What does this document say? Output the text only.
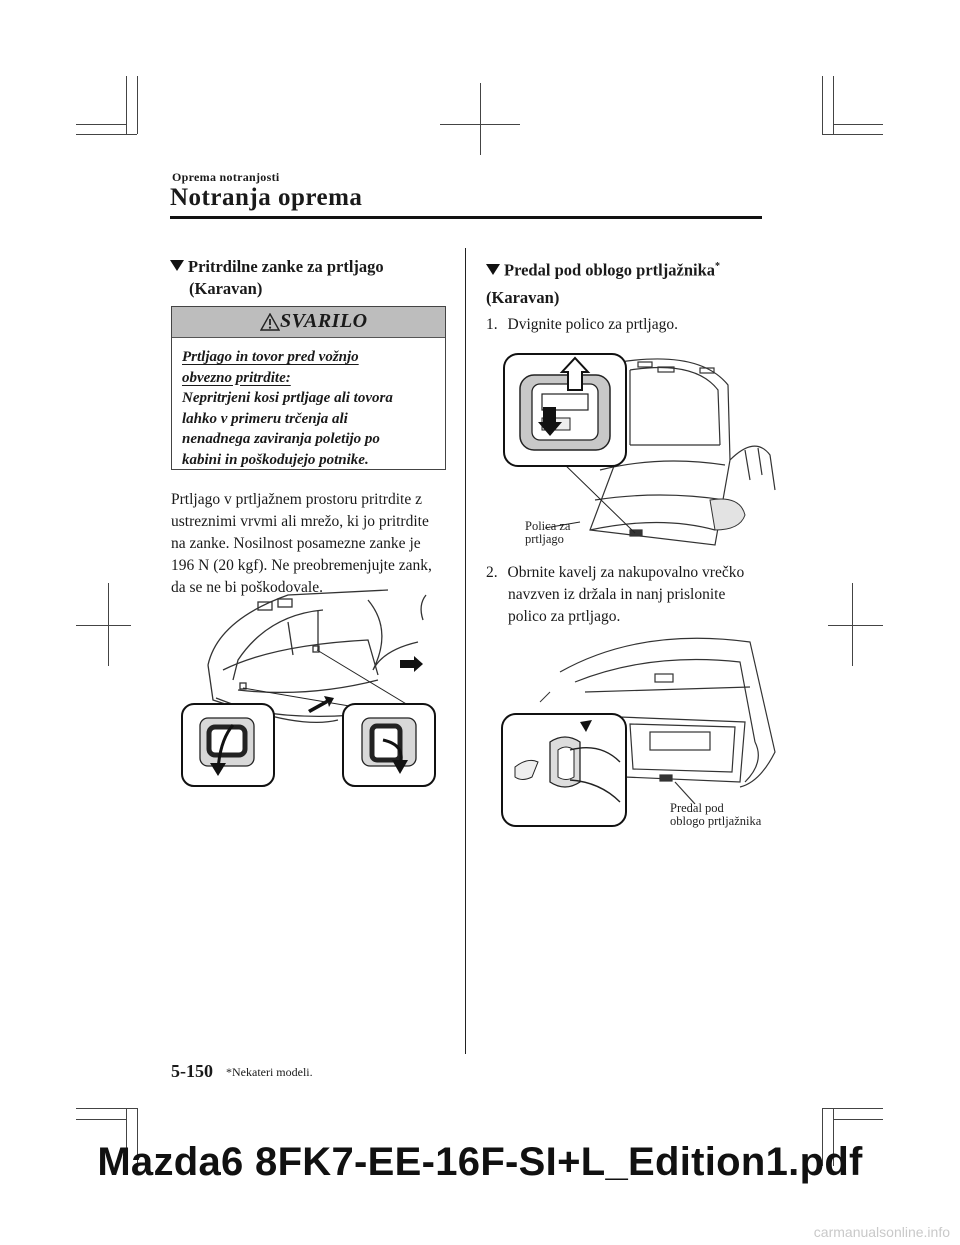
Oprema notranjosti
Notranja oprema
Pritrdilne zanke za prtljago
(Karavan)
SVARILO
Prtljago in tovor pred vožnjo
obvezno pritrdite:
Nepritrjeni kosi prtljage ali tovora
lahko v primeru trčenja ali
nenadnega zaviranja poletijo po
kabini in poškodujejo potnike.
Prtljago v prtljažnem prostoru pritrdite z
ustreznimi vrvmi ali mrežo, ki jo pritrdite
na zanke. Nosilnost posamezne zanke je
196 N (20 kgf). Ne preobremenjujte zank,
da se ne bi poškodovale.
Predal pod oblogo prtljažnika*
(Karavan)
1. Dvignite polico za prtljago.
Polica za
prtljago
2. Obrnite kavelj za nakupovalno vrečko
navzven iz držala in nanj prislonite
polico za prtljago.
Predal pod
oblogo prtljažnika
5-150 *Nekateri modeli.
Mazda6 8FK7-EE-16F-SI+L_Edition1.pdf
carmanualsonline.info
